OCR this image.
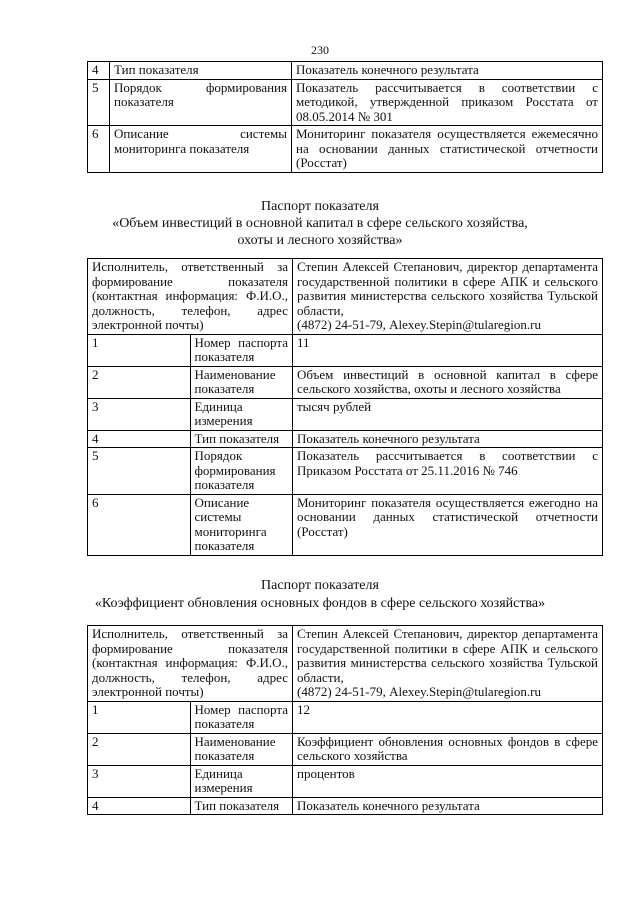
230
4	Тип показателя	Показатель конечного результата
5	Порядок формирования показателя	Показатель рассчитывается в соответствии с методикой, утвержденной приказом Росстата от 08.05.2014 № 301
6	Описание системы мониторинга показателя	Мониторинг показателя осуществляется ежемесячно на основании данных статистической отчетности (Росстат)
Паспорт показателя
«Объем инвестиций в основной капитал в сфере сельского хозяйства, охоты и лесного хозяйства»
Исполнитель, ответственный за формирование показателя (контактная информация: Ф.И.О., должность, телефон, адрес электронной почты)		Степин Алексей Степанович, директор департамента государственной политики в сфере АПК и сельского развития министерства сельского хозяйства Тульской области,
(4872) 24-51-79, Alexey.Stepin@tularegion.ru
1	Номер паспорта показателя	11
2	Наименование показателя	Объем инвестиций в основной капитал в сфере сельского хозяйства, охоты и лесного хозяйства
3	Единица измерения	тысяч рублей
4	Тип показателя	Показатель конечного результата
5	Порядок формирования показателя	Показатель рассчитывается в соответствии с Приказом Росстата от 25.11.2016 № 746
6	Описание системы мониторинга показателя	Мониторинг показателя осуществляется ежегодно на основании данных статистической отчетности (Росстат)
Паспорт показателя
«Коэффициент обновления основных фондов в сфере сельского хозяйства»
Исполнитель, ответственный за формирование показателя (контактная информация: Ф.И.О., должность, телефон, адрес электронной почты)		Степин Алексей Степанович, директор департамента государственной политики в сфере АПК и сельского развития министерства сельского хозяйства Тульской области,
(4872) 24-51-79, Alexey.Stepin@tularegion.ru
1	Номер паспорта показателя	12
2	Наименование показателя	Коэффициент обновления основных фондов в сфере сельского хозяйства
3	Единица измерения	процентов
4	Тип показателя	Показатель конечного результата
